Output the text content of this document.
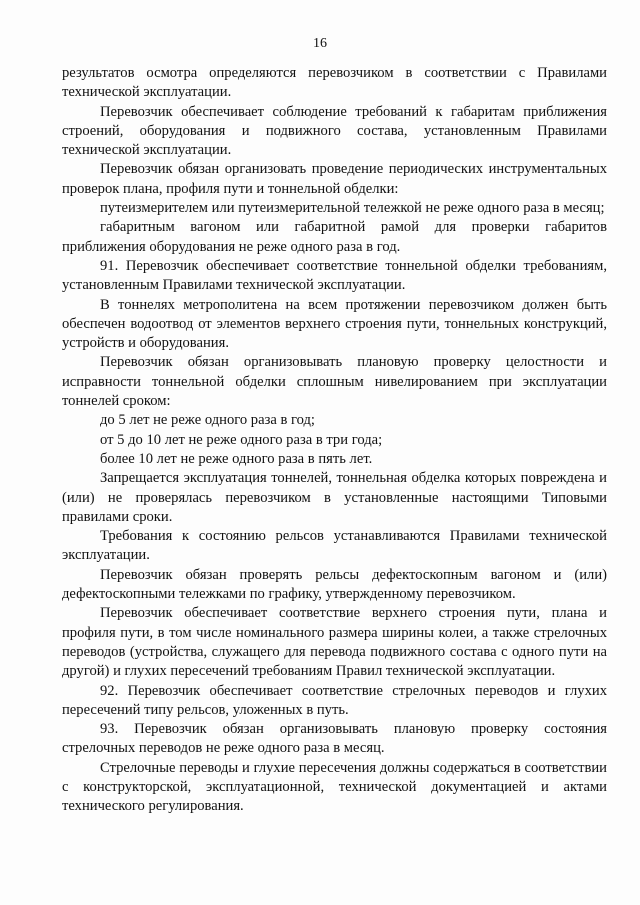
16

результатов осмотра определяются перевозчиком в соответствии с Правилами технической эксплуатации.

Перевозчик обеспечивает соблюдение требований к габаритам приближения строений, оборудования и подвижного состава, установленным Правилами технической эксплуатации.

Перевозчик обязан организовать проведение периодических инструментальных проверок плана, профиля пути и тоннельной обделки:

путеизмерителем или путеизмерительной тележкой не реже одного раза в месяц;

габаритным вагоном или габаритной рамой для проверки габаритов приближения оборудования не реже одного раза в год.

91. Перевозчик обеспечивает соответствие тоннельной обделки требованиям, установленным Правилами технической эксплуатации.

В тоннелях метрополитена на всем протяжении перевозчиком должен быть обеспечен водоотвод от элементов верхнего строения пути, тоннельных конструкций, устройств и оборудования.

Перевозчик обязан организовывать плановую проверку целостности и исправности тоннельной обделки сплошным нивелированием при эксплуатации тоннелей сроком:

до 5 лет не реже одного раза в год;

от 5 до 10 лет не реже одного раза в три года;

более 10 лет не реже одного раза в пять лет.

Запрещается эксплуатация тоннелей, тоннельная обделка которых повреждена и (или) не проверялась перевозчиком в установленные настоящими Типовыми правилами сроки.

Требования к состоянию рельсов устанавливаются Правилами технической эксплуатации.

Перевозчик обязан проверять рельсы дефектоскопным вагоном и (или) дефектоскопными тележками по графику, утвержденному перевозчиком.

Перевозчик обеспечивает соответствие верхнего строения пути, плана и профиля пути, в том числе номинального размера ширины колеи, а также стрелочных переводов (устройства, служащего для перевода подвижного состава с одного пути на другой) и глухих пересечений требованиям Правил технической эксплуатации.

92. Перевозчик обеспечивает соответствие стрелочных переводов и глухих пересечений типу рельсов, уложенных в путь.

93. Перевозчик обязан организовывать плановую проверку состояния стрелочных переводов не реже одного раза в месяц.

Стрелочные переводы и глухие пересечения должны содержаться в соответствии с конструкторской, эксплуатационной, технической документацией и актами технического регулирования.
